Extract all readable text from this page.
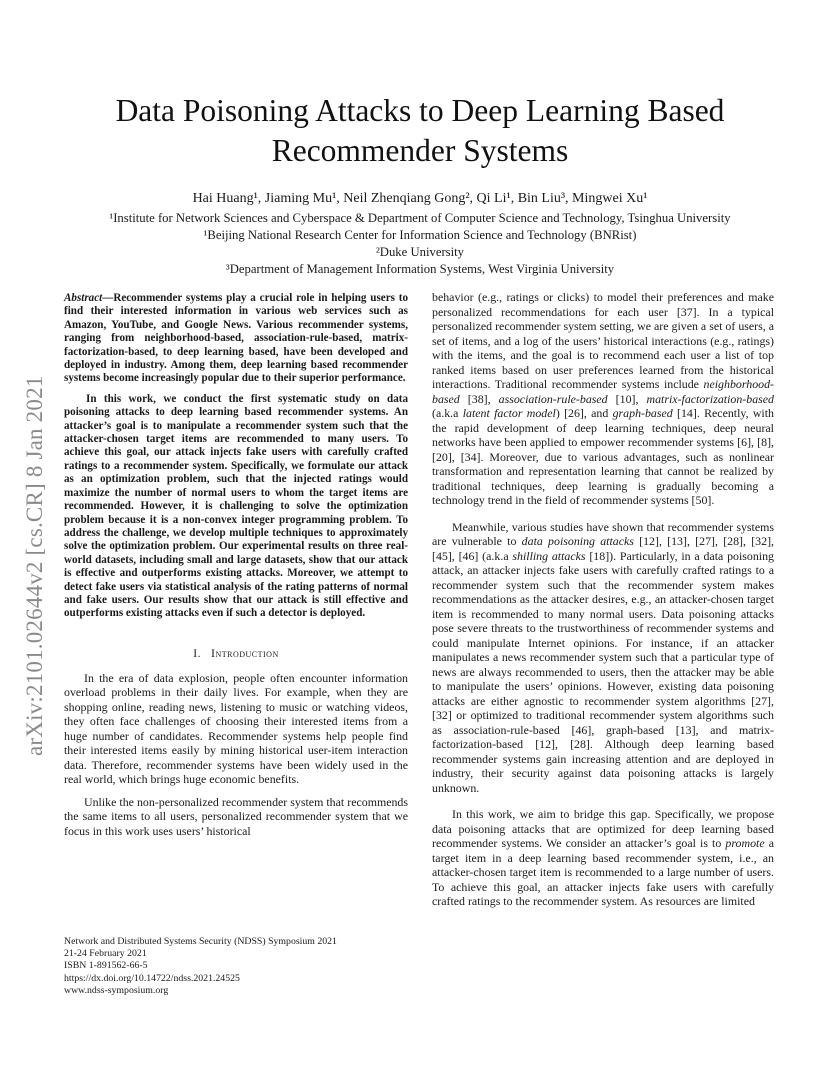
Data Poisoning Attacks to Deep Learning Based
Recommender Systems
Hai Huang¹, Jiaming Mu¹, Neil Zhenqiang Gong², Qi Li¹, Bin Liu³, Mingwei Xu¹
¹Institute for Network Sciences and Cyberspace & Department of Computer Science and Technology, Tsinghua University
¹Beijing National Research Center for Information Science and Technology (BNRist)
²Duke University
³Department of Management Information Systems, West Virginia University
arXiv:2101.02644v2 [cs.CR] 8 Jan 2021

Abstract—Recommender systems play a crucial role in helping users to find their interested information in various web services such as Amazon, YouTube, and Google News. Various recommender systems, ranging from neighborhood-based, association-rule-based, matrix-factorization-based, to deep learning based, have been developed and deployed in industry. Among them, deep learning based recommender systems become increasingly popular due to their superior performance.

In this work, we conduct the first systematic study on data poisoning attacks to deep learning based recommender systems. An attacker’s goal is to manipulate a recommender system such that the attacker-chosen target items are recommended to many users. To achieve this goal, our attack injects fake users with carefully crafted ratings to a recommender system. Specifically, we formulate our attack as an optimization problem, such that the injected ratings would maximize the number of normal users to whom the target items are recommended. However, it is challenging to solve the optimization problem because it is a non-convex integer programming problem. To address the challenge, we develop multiple techniques to approximately solve the optimization problem. Our experimental results on three real-world datasets, including small and large datasets, show that our attack is effective and outperforms existing attacks. Moreover, we attempt to detect fake users via statistical analysis of the rating patterns of normal and fake users. Our results show that our attack is still effective and outperforms existing attacks even if such a detector is deployed.

I. Introduction

In the era of data explosion, people often encounter information overload problems in their daily lives. For example, when they are shopping online, reading news, listening to music or watching videos, they often face challenges of choosing their interested items from a huge number of candidates. Recommender systems help people find their interested items easily by mining historical user-item interaction data. Therefore, recommender systems have been widely used in the real world, which brings huge economic benefits.

Unlike the non-personalized recommender system that recommends the same items to all users, personalized recommender system that we focus in this work uses users’ historical

behavior (e.g., ratings or clicks) to model their preferences and make personalized recommendations for each user [37]. In a typical personalized recommender system setting, we are given a set of users, a set of items, and a log of the users’ historical interactions (e.g., ratings) with the items, and the goal is to recommend each user a list of top ranked items based on user preferences learned from the historical interactions. Traditional recommender systems include neighborhood-based [38], association-rule-based [10], matrix-factorization-based (a.k.a latent factor model) [26], and graph-based [14]. Recently, with the rapid development of deep learning techniques, deep neural networks have been applied to empower recommender systems [6], [8], [20], [34]. Moreover, due to various advantages, such as nonlinear transformation and representation learning that cannot be realized by traditional techniques, deep learning is gradually becoming a technology trend in the field of recommender systems [50].

Meanwhile, various studies have shown that recommender systems are vulnerable to data poisoning attacks [12], [13], [27], [28], [32], [45], [46] (a.k.a shilling attacks [18]). Particularly, in a data poisoning attack, an attacker injects fake users with carefully crafted ratings to a recommender system such that the recommender system makes recommendations as the attacker desires, e.g., an attacker-chosen target item is recommended to many normal users. Data poisoning attacks pose severe threats to the trustworthiness of recommender systems and could manipulate Internet opinions. For instance, if an attacker manipulates a news recommender system such that a particular type of news are always recommended to users, then the attacker may be able to manipulate the users’ opinions. However, existing data poisoning attacks are either agnostic to recommender system algorithms [27], [32] or optimized to traditional recommender system algorithms such as association-rule-based [46], graph-based [13], and matrix-factorization-based [12], [28]. Although deep learning based recommender systems gain increasing attention and are deployed in industry, their security against data poisoning attacks is largely unknown.

In this work, we aim to bridge this gap. Specifically, we propose data poisoning attacks that are optimized for deep learning based recommender systems. We consider an attacker’s goal is to promote a target item in a deep learning based recommender system, i.e., an attacker-chosen target item is recommended to a large number of users. To achieve this goal, an attacker injects fake users with carefully crafted ratings to the recommender system. As resources are limited

Network and Distributed Systems Security (NDSS) Symposium 2021
21-24 February 2021
ISBN 1-891562-66-5
https://dx.doi.org/10.14722/ndss.2021.24525
www.ndss-symposium.org
